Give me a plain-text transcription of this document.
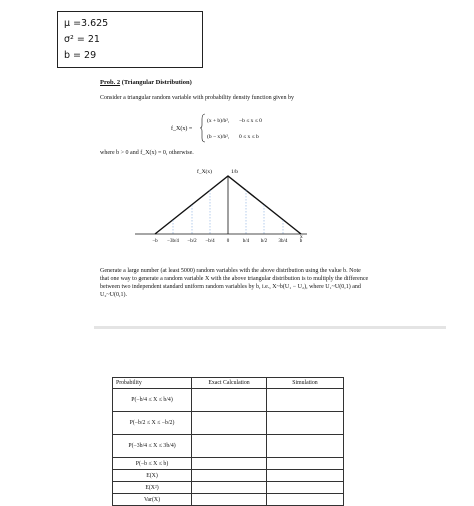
μ =3.625
σ² = 21
b = 29
Prob. 2 (Triangular Distribution)
Consider a triangular random variable with probability density function given by
f_X(x) =
(x + b)/b², −b ≤ x ≤ 0
(b − x)/b², 0 ≤ x ≤ b
where b > 0 and f_X(x) = 0, otherwise.
f_X(x)	1/b
x
−b −3b/4 −b/2 −b/4 0	b/4 b/2 3b/4 b
Generate a large number (at least 5000) random variables with the above distribution using the value b. Note that one way to generate a random variable X with the above triangular distribution is to multiply the difference between two independent standard uniform random variables by b, i.e., X~b(U₁ − U₂), where U₁~U(0,1) and U₂~U(0,1).
Probability	Exact Calculation	Simulation
P(−b/4 ≤ X ≤ b/4)		
P(−b/2 ≤ X ≤ −b/2)		
P(−3b/4 ≤ X ≤ 3b/4)		
P(−b ≤ X ≤ b)		
E(X)		
E(X²)		
Var(X)		
